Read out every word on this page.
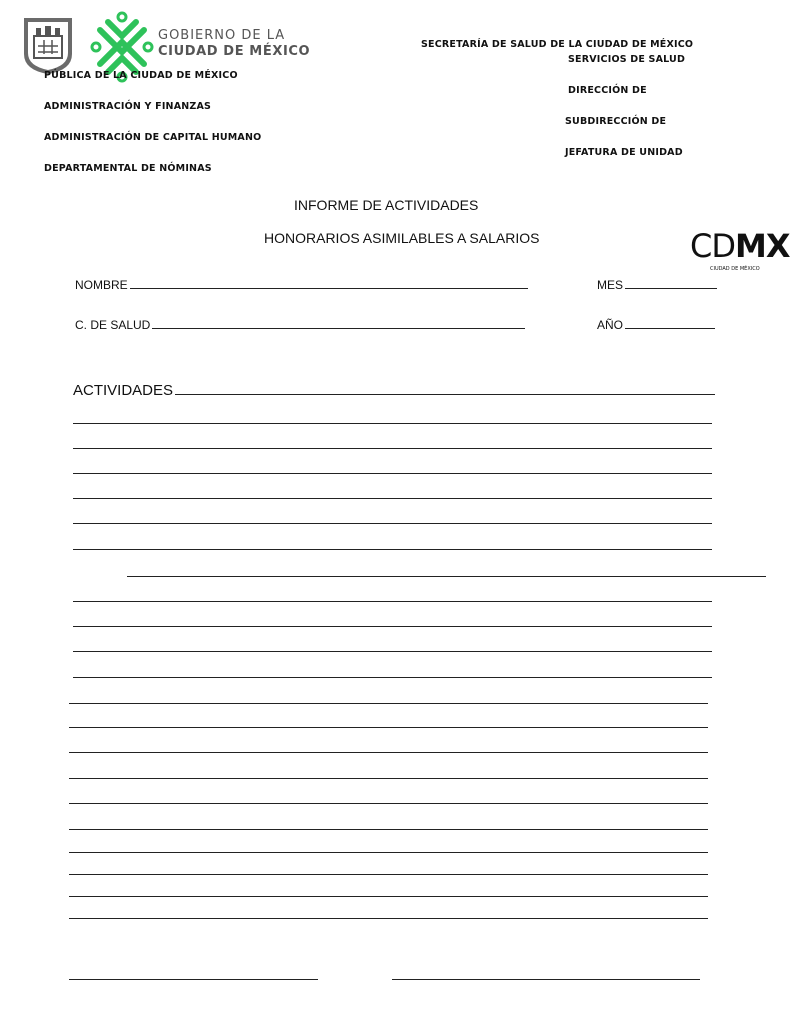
GOBIERNO DE LA
CIUDAD DE MÉXICO
PÚBLICA DE LA CIUDAD DE MÉXICO
ADMINISTRACIÓN Y FINANZAS
ADMINISTRACIÓN DE CAPITAL HUMANO
DEPARTAMENTAL DE NÓMINAS
SECRETARÍA DE SALUD DE LA CIUDAD DE MÉXICO
SERVICIOS DE SALUD
DIRECCIÓN DE
SUBDIRECCIÓN DE
JEFATURA DE UNIDAD
INFORME DE ACTIVIDADES
HONORARIOS ASIMILABLES A SALARIOS	CDMX
CIUDAD DE MÉXICO
NOMBRE	MES
C. DE SALUD	AÑO
ACTIVIDADES
